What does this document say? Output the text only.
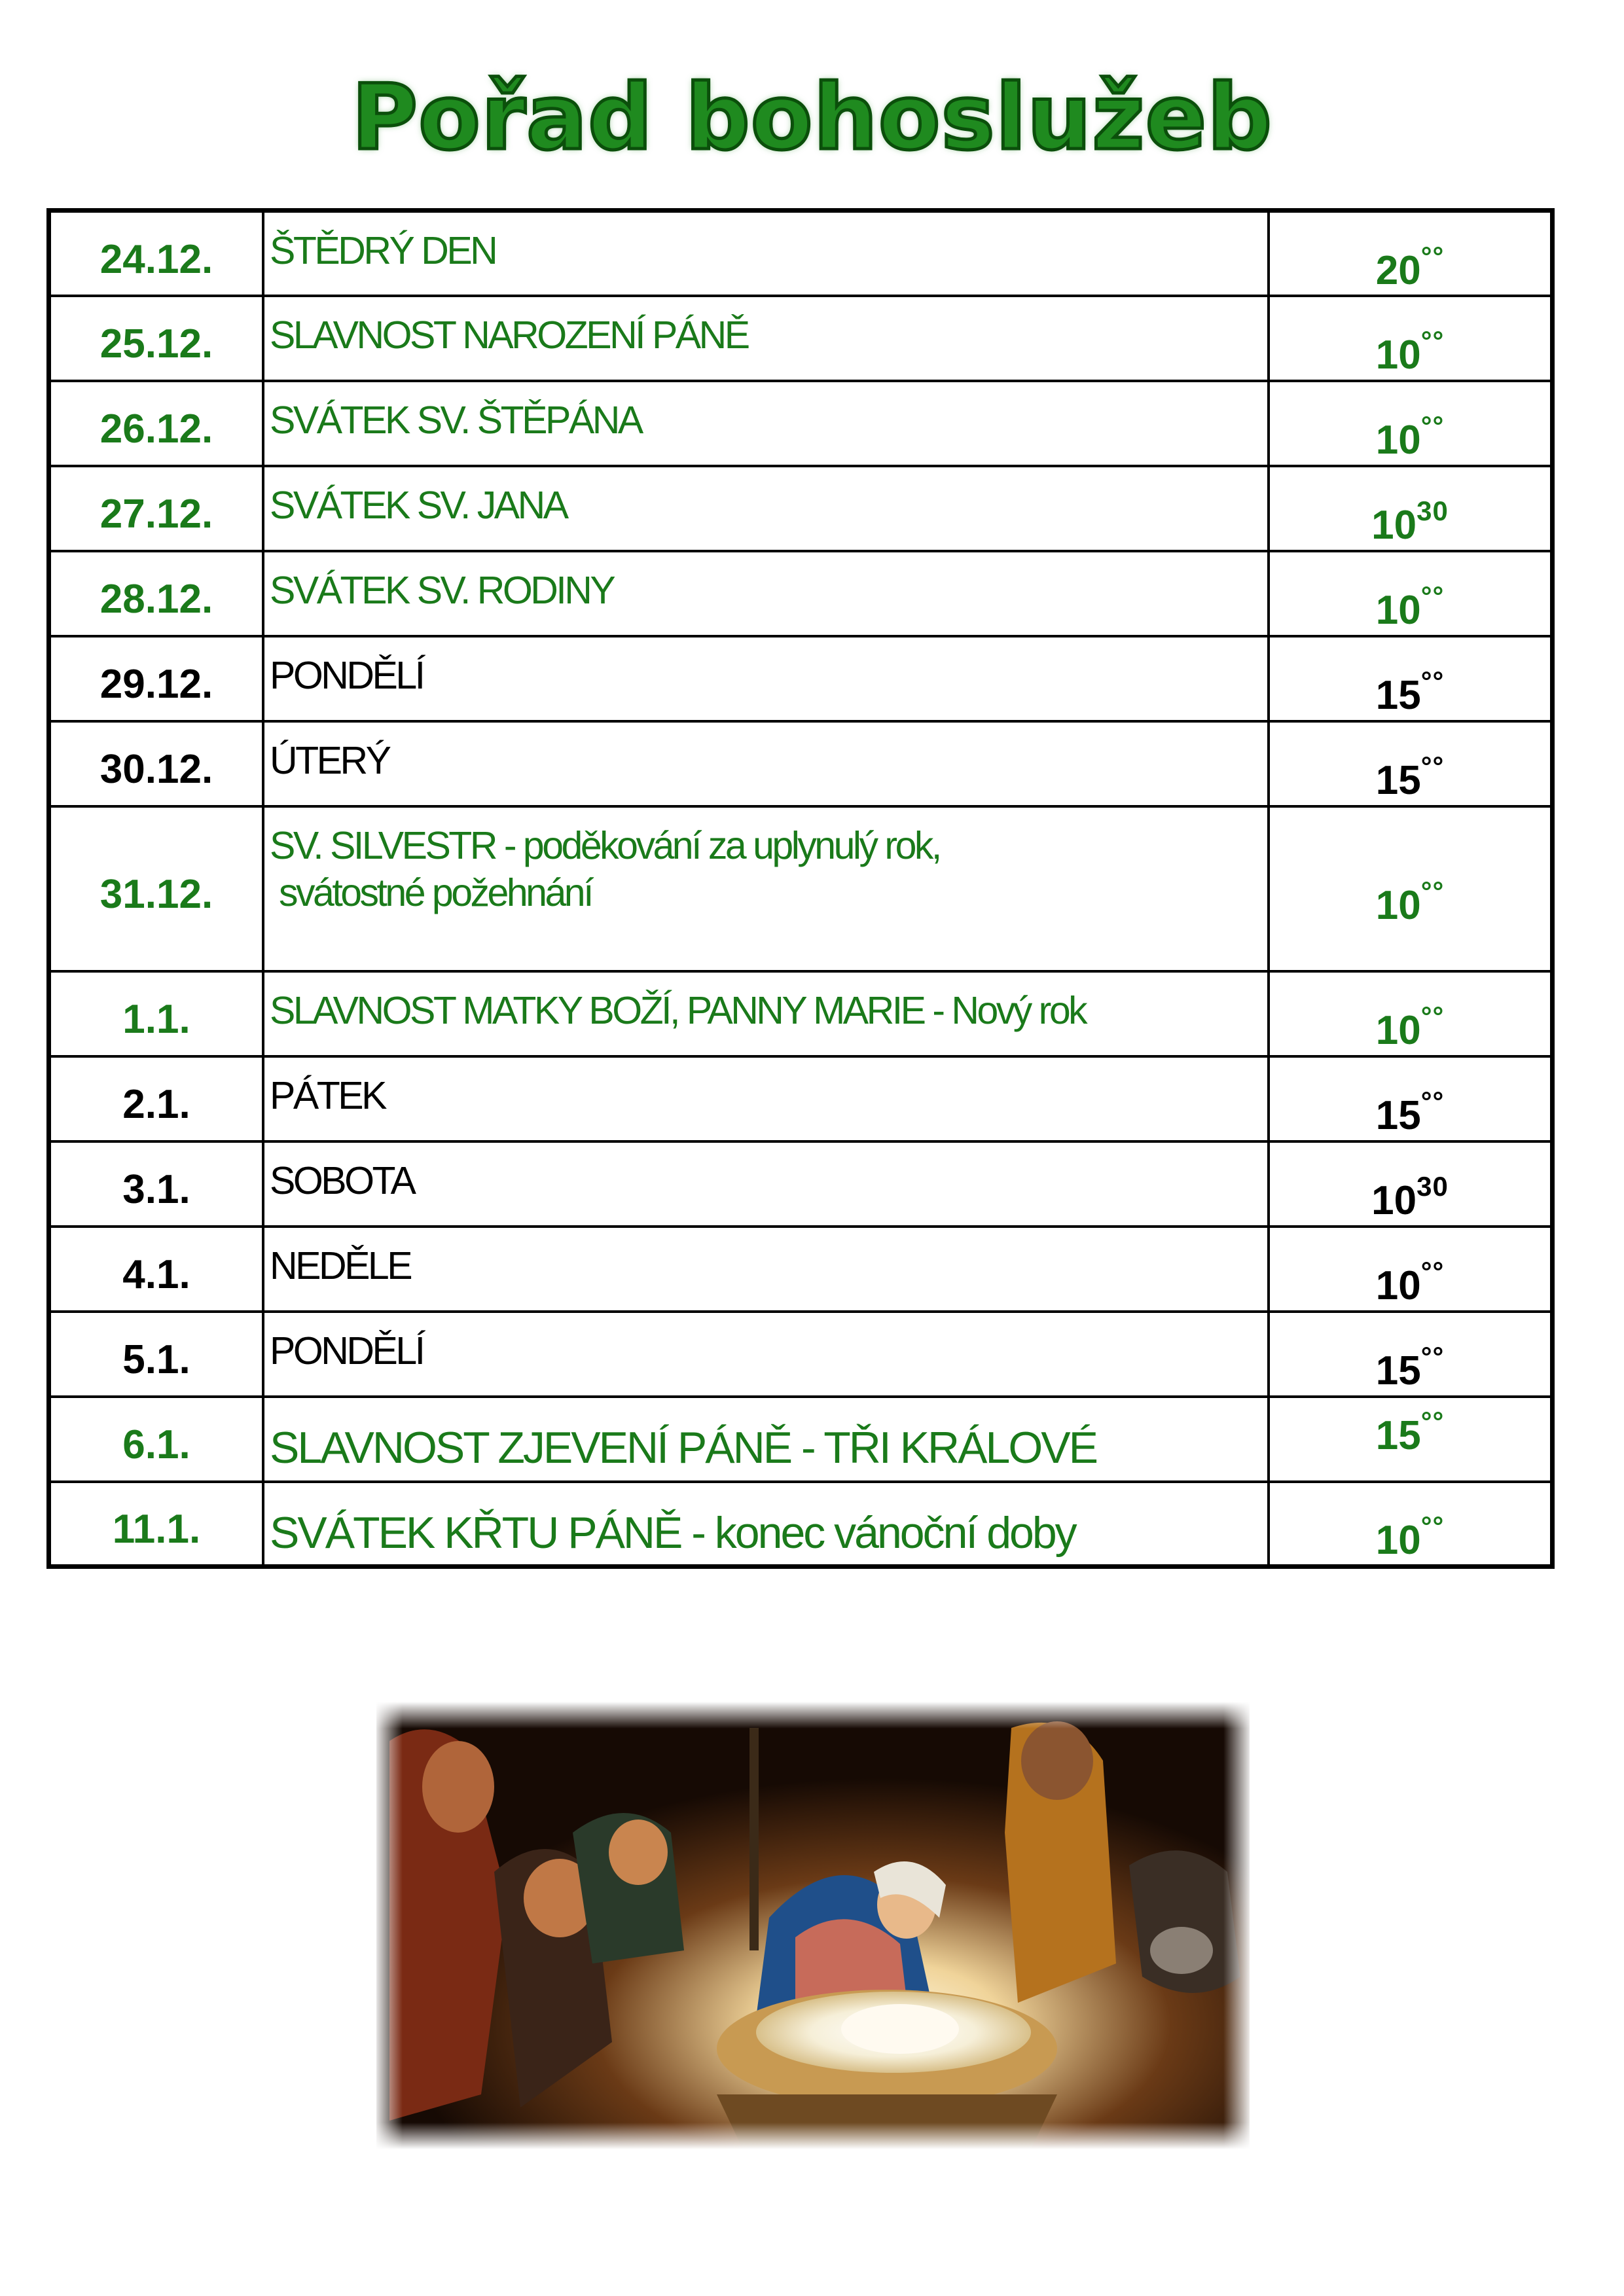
Pořad bohoslužeb
24.12.	ŠTĚDRÝ DEN	20°°
25.12.	SLAVNOST NAROZENÍ PÁNĚ	10°°
26.12.	SVÁTEK SV. ŠTĚPÁNA	10°°
27.12.	SVÁTEK SV. JANA	$10^{30}$
28.12.	SVÁTEK SV. RODINY	10°°
29.12.	PONDĚLÍ	15°°
30.12.	ÚTERÝ	15°°
31.12.	SV. SILVESTR - poděkování za uplynulý rok,
svátostné požehnání	10°°
1.1.	SLAVNOST MATKY BOŽÍ, PANNY MARIE - Nový rok	10°°
2.1.	PÁTEK	15°°
3.1.	SOBOTA	$10^{30}$
4.1.	NEDĚLE	10°°
5.1.	PONDĚLÍ	15°°
6.1.	SLAVNOST ZJEVENÍ PÁNĚ - TŘI KRÁLOVÉ	15°°
11.1.	SVÁTEK KŘTU PÁNĚ - konec vánoční doby	10°°
